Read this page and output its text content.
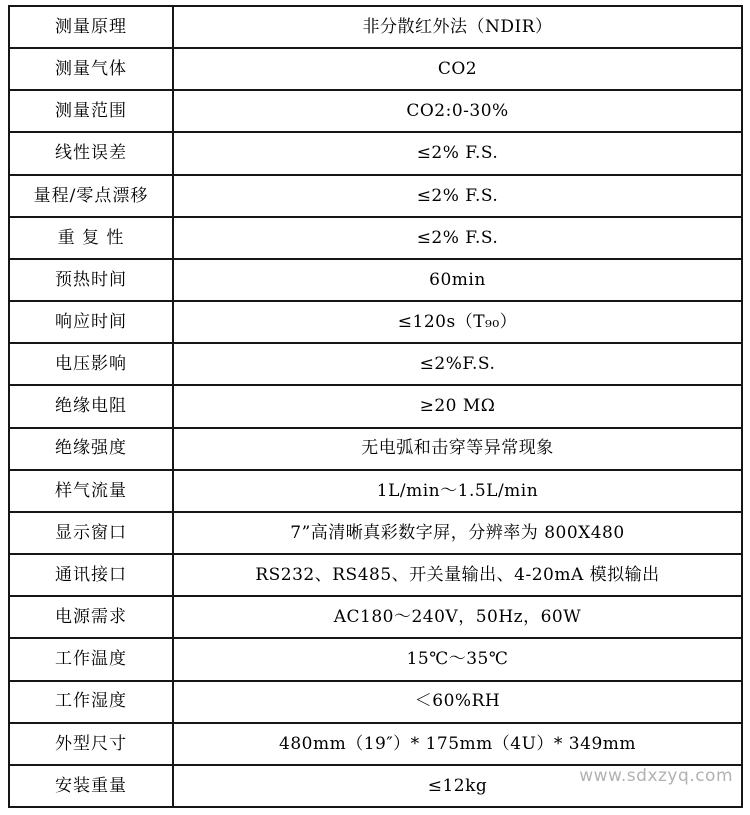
测量原理	非分散红外法（NDIR）
测量气体	CO2
测量范围	CO2:0-30%
线性误差	≤2% F.S.
量程/零点漂移	≤2% F.S.
重 复 性	≤2% F.S.
预热时间	60min
响应时间	≤120s（T₉₀）
电压影响	≤2%F.S.
绝缘电阻	≥20 MΩ
绝缘强度	无电弧和击穿等异常现象
样气流量	1L/min～1.5L/min
显示窗口	7”高清晰真彩数字屏，分辨率为 800X480
通讯接口	RS232、RS485、开关量输出、4-20mA 模拟输出
电源需求	AC180～240V，50Hz，60W
工作温度	15℃～35℃
工作湿度	＜60%RH
外型尺寸	480mm（19″）* 175mm（4U）* 349mm
安装重量	≤12kg	www.sdxzyq.com
